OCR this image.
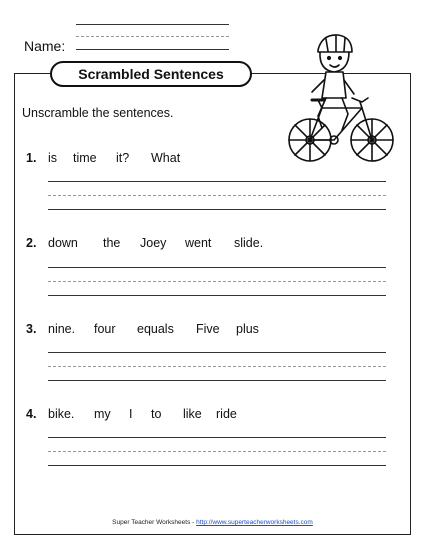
Name:
Scrambled Sentences
Unscramble the sentences.
1. is time it? What
2. down the Joey went slide.
3. nine. four equals Five plus
4. bike. my I to like ride
Super Teacher Worksheets - http://www.superteacherworksheets.com
